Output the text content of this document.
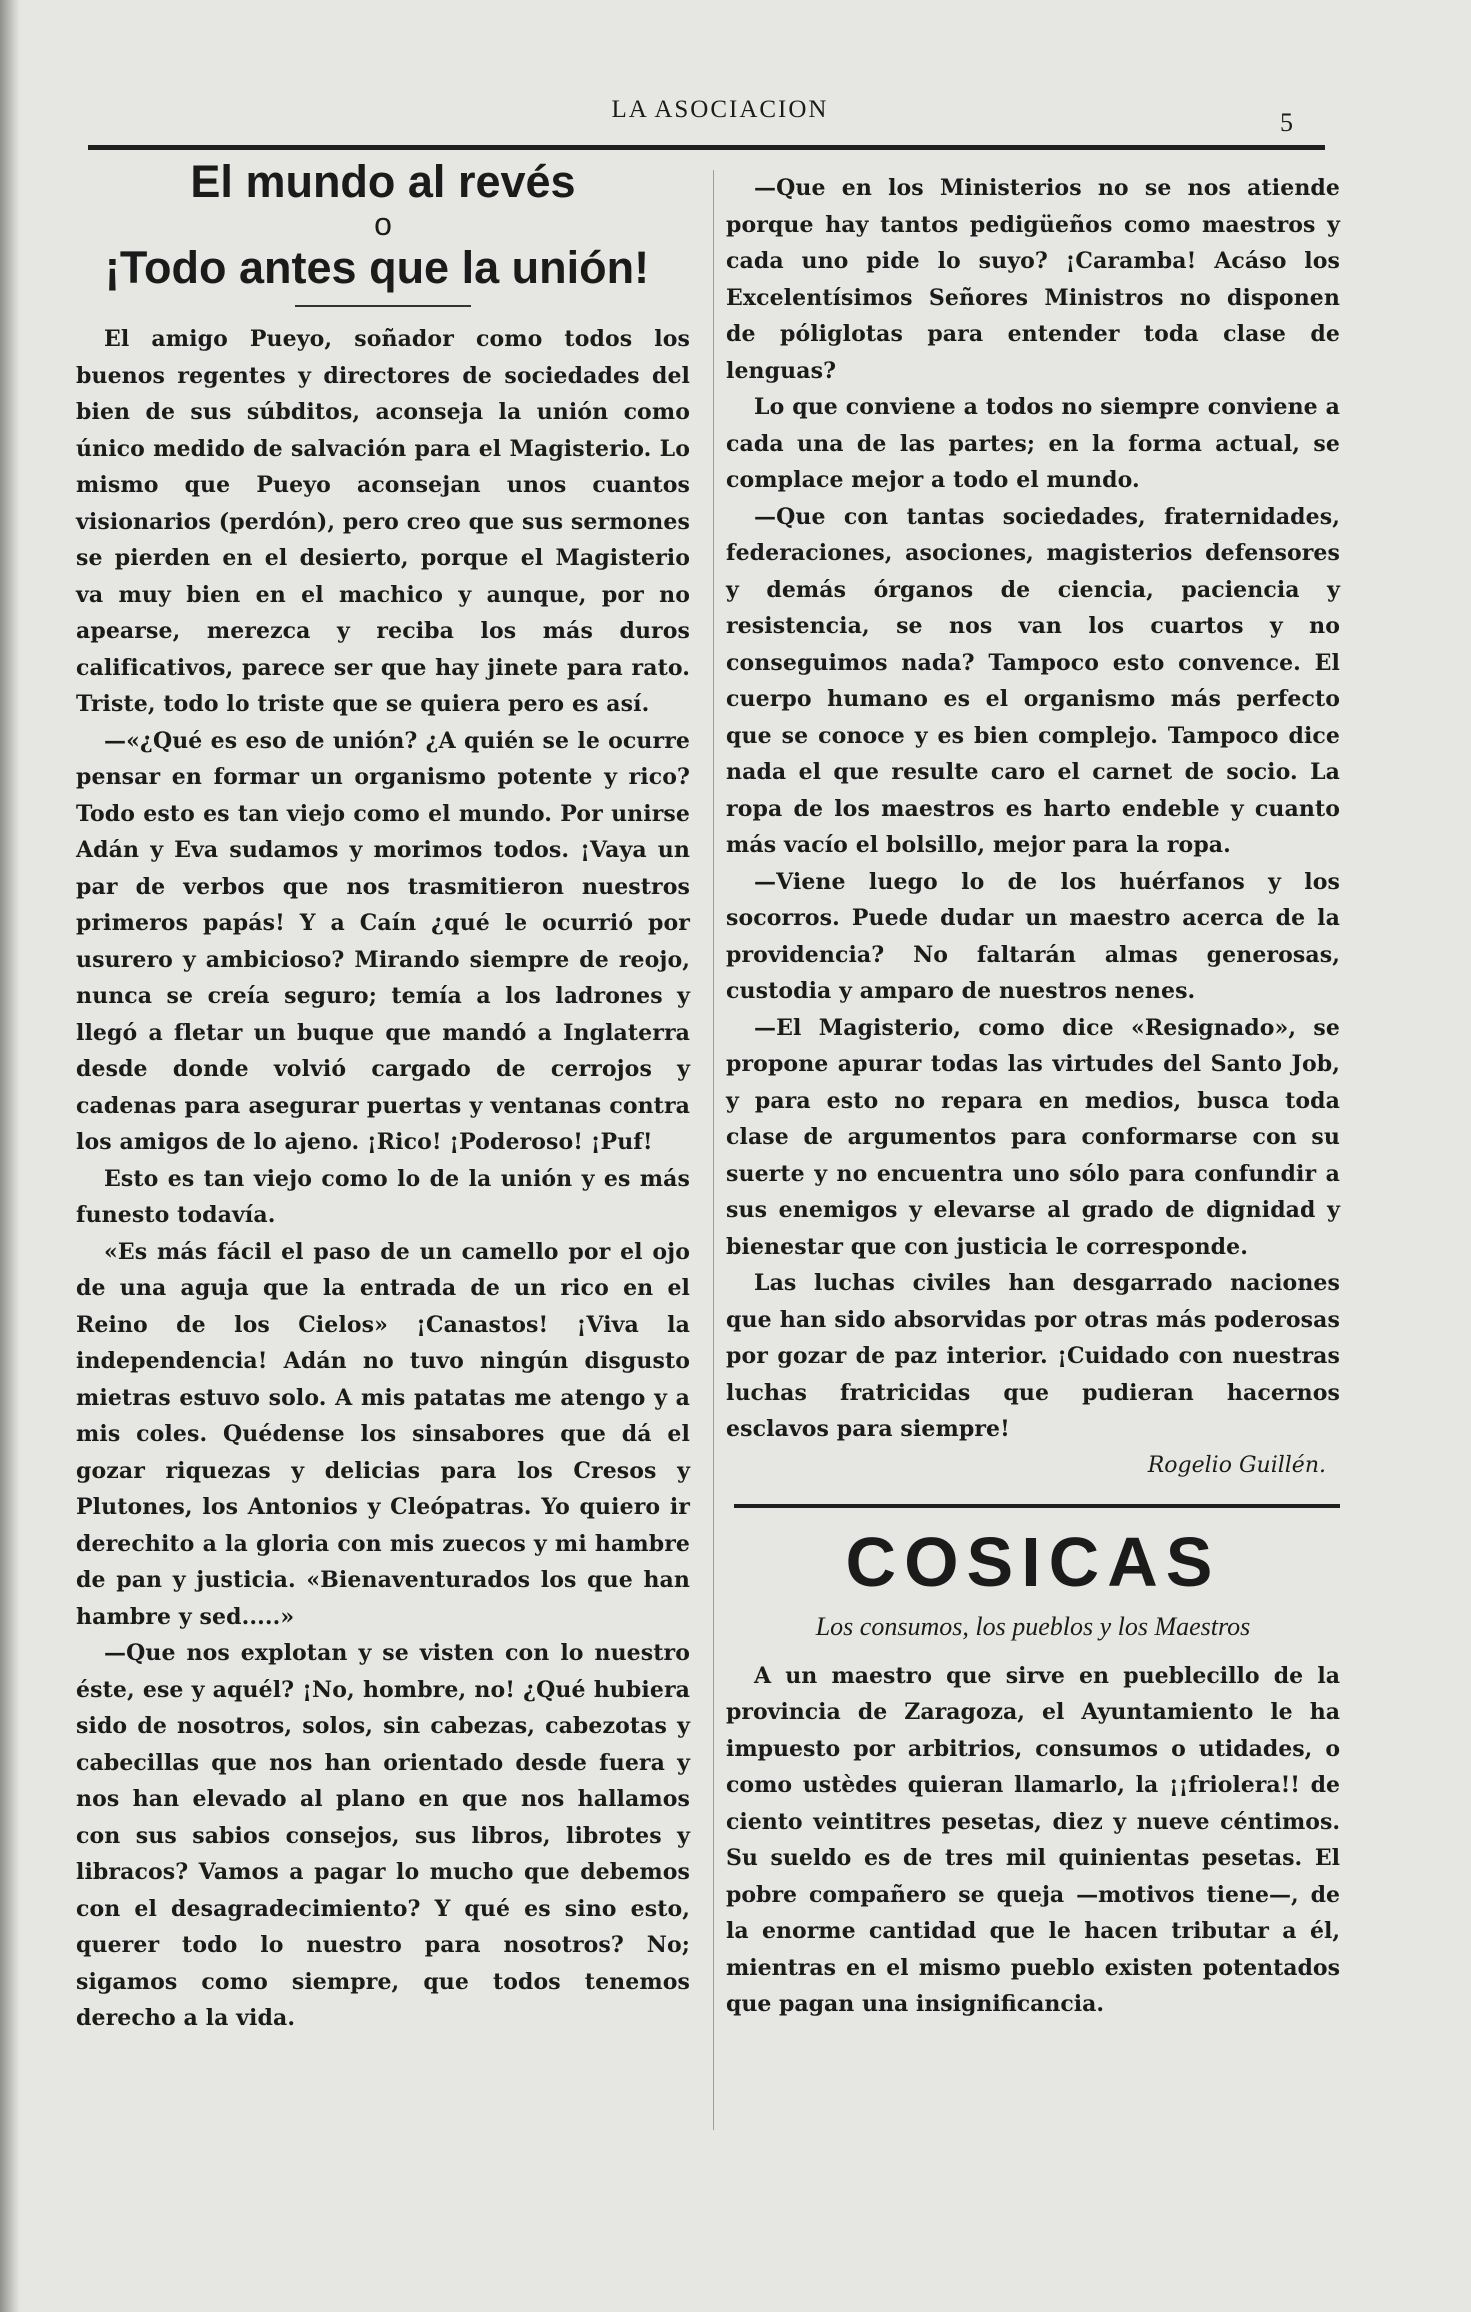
LA ASOCIACION	5
El mundo al revés
o
¡Todo antes que la unión!

El amigo Pueyo, soñador como todos los buenos regentes y directores de sociedades del bien de sus súbditos, aconseja la unión como único medido de salvación para el Magisterio. Lo mismo que Pueyo aconsejan unos cuantos visionarios (perdón), pero creo que sus sermones se pierden en el desierto, porque el Magisterio va muy bien en el machico y aunque, por no apearse, merezca y reciba los más duros calificativos, parece ser que hay jinete para rato. Triste, todo lo triste que se quiera pero es así.

—«¿Qué es eso de unión? ¿A quién se le ocurre pensar en formar un organismo potente y rico? Todo esto es tan viejo como el mundo. Por unirse Adán y Eva sudamos y morimos todos. ¡Vaya un par de verbos que nos trasmitieron nuestros primeros papás! Y a Caín ¿qué le ocurrió por usurero y ambicioso? Mirando siempre de reojo, nunca se creía seguro; temía a los ladrones y llegó a fletar un buque que mandó a Inglaterra desde donde volvió cargado de cerrojos y cadenas para asegurar puertas y ventanas contra los amigos de lo ajeno. ¡Rico! ¡Poderoso! ¡Puf!

Esto es tan viejo como lo de la unión y es más funesto todavía.

«Es más fácil el paso de un camello por el ojo de una aguja que la entrada de un rico en el Reino de los Cielos» ¡Canastos! ¡Viva la independencia! Adán no tuvo ningún disgusto mietras estuvo solo. A mis patatas me atengo y a mis coles. Quédense los sinsabores que dá el gozar riquezas y delicias para los Cresos y Plutones, los Antonios y Cleópatras. Yo quiero ir derechito a la gloria con mis zuecos y mi hambre de pan y justicia. «Bienaventurados los que han hambre y sed.....»

—Que nos explotan y se visten con lo nuestro éste, ese y aquél? ¡No, hombre, no! ¿Qué hubiera sido de nosotros, solos, sin cabezas, cabezotas y cabecillas que nos han orientado desde fuera y nos han elevado al plano en que nos hallamos con sus sabios consejos, sus libros, librotes y libracos? Vamos a pagar lo mucho que debemos con el desagradecimiento? Y qué es sino esto, querer todo lo nuestro para nosotros? No; sigamos como siempre, que todos tenemos derecho a la vida.

—Que en los Ministerios no se nos atiende porque hay tantos pedigüeños como maestros y cada uno pide lo suyo? ¡Caramba! Acáso los Excelentísimos Señores Ministros no disponen de póliglotas para entender toda clase de lenguas?

Lo que conviene a todos no siempre conviene a cada una de las partes; en la forma actual, se complace mejor a todo el mundo.

—Que con tantas sociedades, fraternidades, federaciones, asociones, magisterios defensores y demás órganos de ciencia, paciencia y resistencia, se nos van los cuartos y no conseguimos nada? Tampoco esto convence. El cuerpo humano es el organismo más perfecto que se conoce y es bien complejo. Tampoco dice nada el que resulte caro el carnet de socio. La ropa de los maestros es harto endeble y cuanto más vacío el bolsillo, mejor para la ropa.

—Viene luego lo de los huérfanos y los socorros. Puede dudar un maestro acerca de la providencia? No faltarán almas generosas, custodia y amparo de nuestros nenes.

—El Magisterio, como dice «Resignado», se propone apurar todas las virtudes del Santo Job, y para esto no repara en medios, busca toda clase de argumentos para conformarse con su suerte y no encuentra uno sólo para confundir a sus enemigos y elevarse al grado de dignidad y bienestar que con justicia le corresponde.

Las luchas civiles han desgarrado naciones que han sido absorvidas por otras más poderosas por gozar de paz interior. ¡Cuidado con nuestras luchas fratricidas que pudieran hacernos esclavos para siempre!

Rogelio Guillén.

COSICAS
Los consumos, los pueblos y los Maestros

A un maestro que sirve en pueblecillo de la provincia de Zaragoza, el Ayuntamiento le ha impuesto por arbitrios, consumos o utidades, o como ustèdes quieran llamarlo, la ¡¡friolera!! de ciento veintitres pesetas, diez y nueve céntimos. Su sueldo es de tres mil quinientas pesetas. El pobre compañero se queja —motivos tiene—, de la enorme cantidad que le hacen tributar a él, mientras en el mismo pueblo existen potentados que pagan una insignificancia.
